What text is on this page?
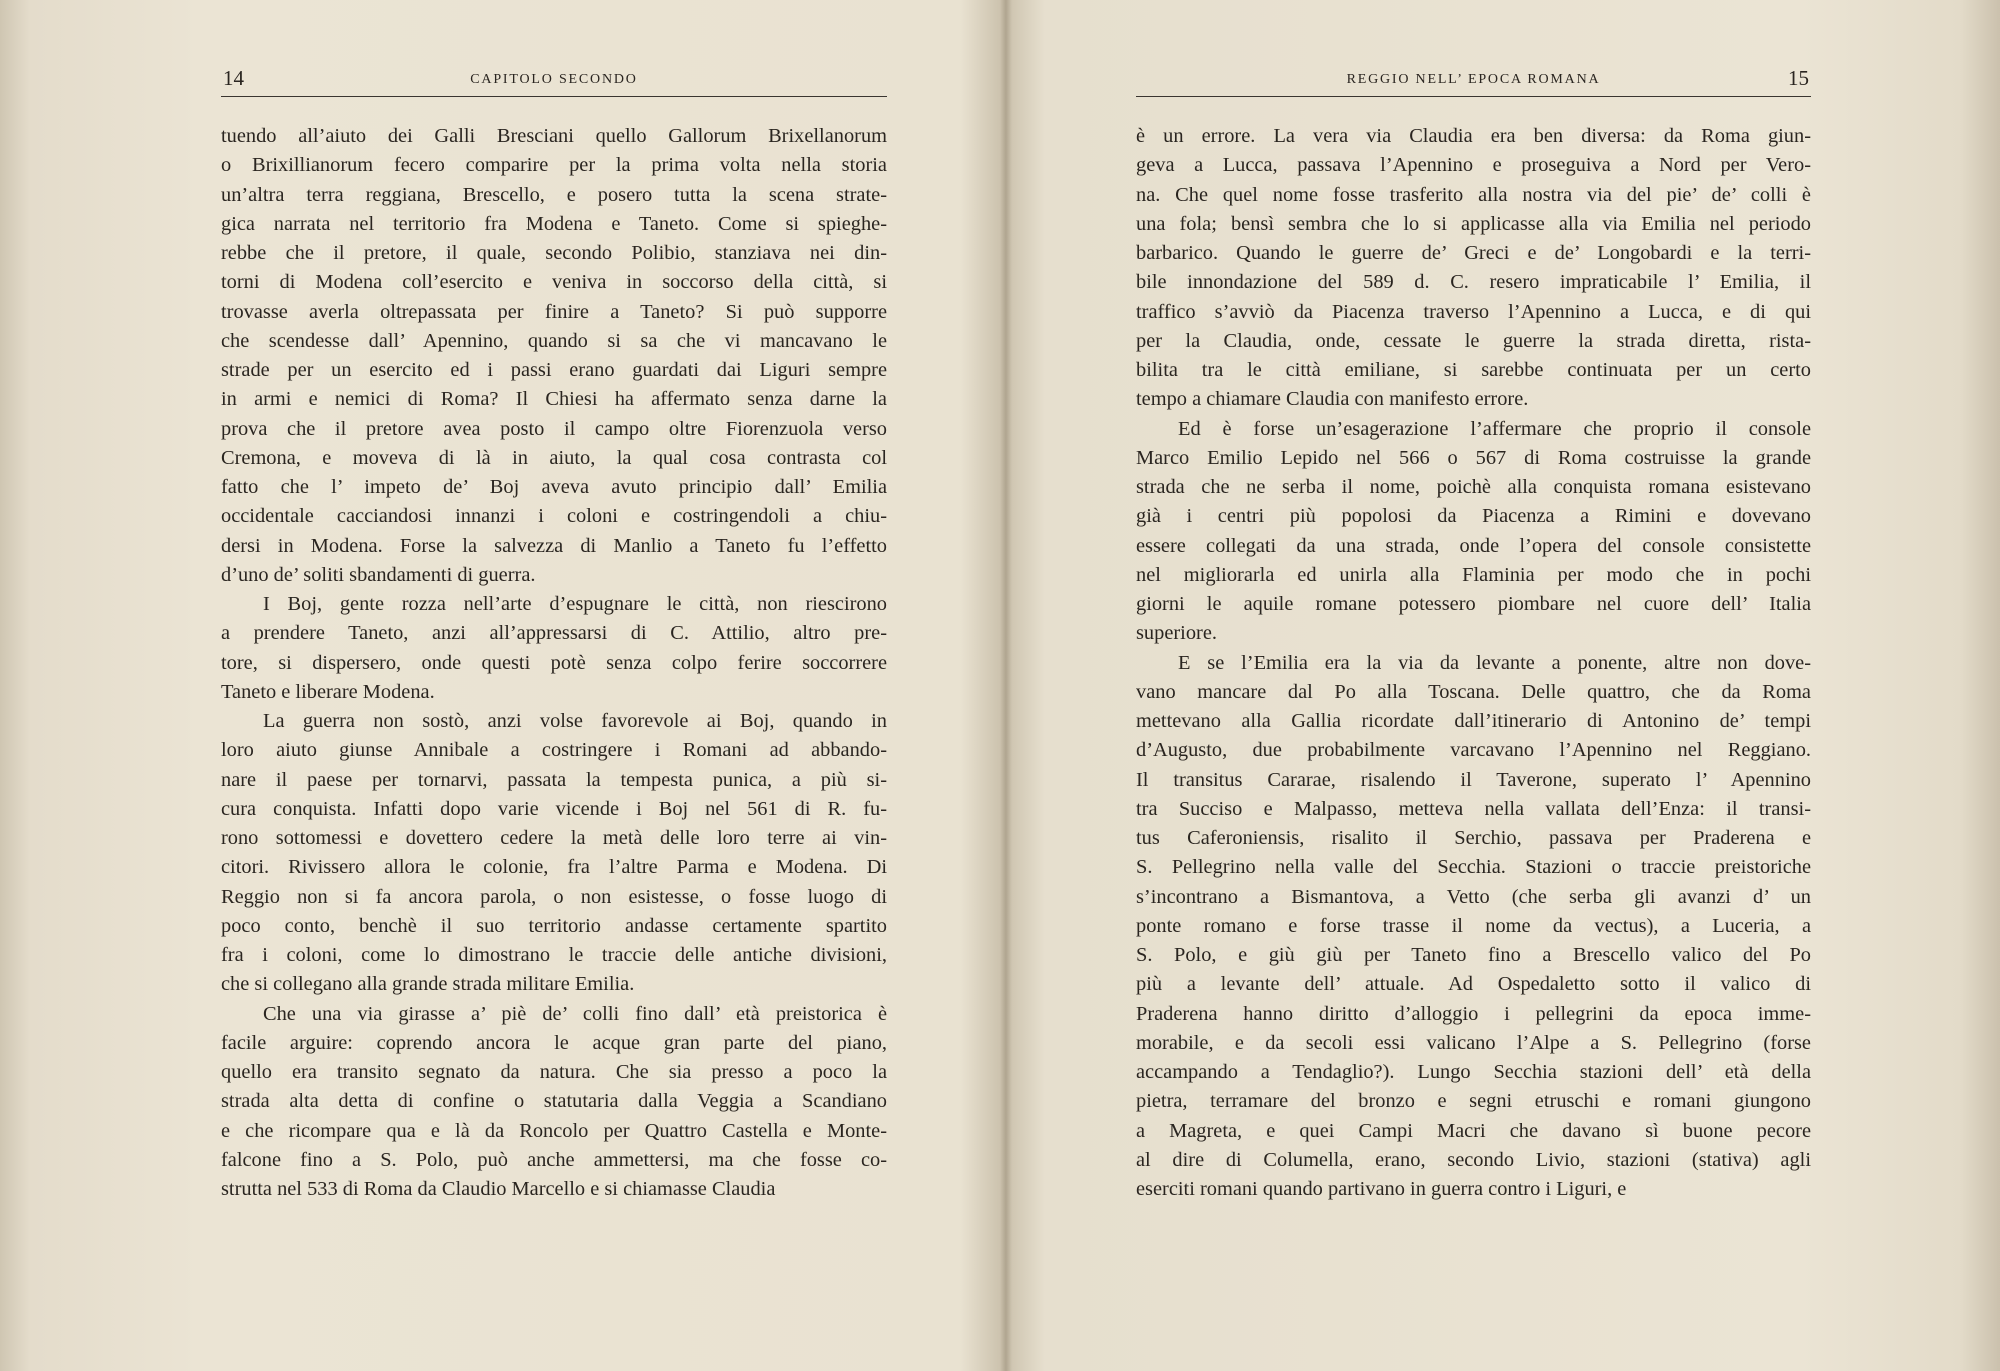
14	CAPITOLO SECONDO
tuendo all’aiuto dei Galli Bresciani quello Gallorum Brixellanorum
o Brixillianorum fecero comparire per la prima volta nella storia
un’altra terra reggiana, Brescello, e posero tutta la scena strate-
gica narrata nel territorio fra Modena e Taneto. Come si spieghe-
rebbe che il pretore, il quale, secondo Polibio, stanziava nei din-
torni di Modena coll’esercito e veniva in soccorso della città, si
trovasse averla oltrepassata per finire a Taneto? Si può supporre
che scendesse dall’ Apennino, quando si sa che vi mancavano le
strade per un esercito ed i passi erano guardati dai Liguri sempre
in armi e nemici di Roma? Il Chiesi ha affermato senza darne la
prova che il pretore avea posto il campo oltre Fiorenzuola verso
Cremona, e moveva di là in aiuto, la qual cosa contrasta col
fatto che l’ impeto de’ Boj aveva avuto principio dall’ Emilia
occidentale cacciandosi innanzi i coloni e costringendoli a chiu-
dersi in Modena. Forse la salvezza di Manlio a Taneto fu l’effetto
d’uno de’ soliti sbandamenti di guerra.
I Boj, gente rozza nell’arte d’espugnare le città, non riescirono
a prendere Taneto, anzi all’appressarsi di C. Attilio, altro pre-
tore, si dispersero, onde questi potè senza colpo ferire soccorrere
Taneto e liberare Modena.
La guerra non sostò, anzi volse favorevole ai Boj, quando in
loro aiuto giunse Annibale a costringere i Romani ad abbando-
nare il paese per tornarvi, passata la tempesta punica, a più si-
cura conquista. Infatti dopo varie vicende i Boj nel 561 di R. fu-
rono sottomessi e dovettero cedere la metà delle loro terre ai vin-
citori. Rivissero allora le colonie, fra l’altre Parma e Modena. Di
Reggio non si fa ancora parola, o non esistesse, o fosse luogo di
poco conto, benchè il suo territorio andasse certamente spartito
fra i coloni, come lo dimostrano le traccie delle antiche divisioni,
che si collegano alla grande strada militare Emilia.
Che una via girasse a’ piè de’ colli fino dall’ età preistorica è
facile arguire: coprendo ancora le acque gran parte del piano,
quello era transito segnato da natura. Che sia presso a poco la
strada alta detta di confine o statutaria dalla Veggia a Scandiano
e che ricompare qua e là da Roncolo per Quattro Castella e Monte-
falcone fino a S. Polo, può anche ammettersi, ma che fosse co-
strutta nel 533 di Roma da Claudio Marcello e si chiamasse Claudia
REGGIO NELL’ EPOCA ROMANA	15
è un errore. La vera via Claudia era ben diversa: da Roma giun-
geva a Lucca, passava l’Apennino e proseguiva a Nord per Vero-
na. Che quel nome fosse trasferito alla nostra via del pie’ de’ colli è
una fola; bensì sembra che lo si applicasse alla via Emilia nel periodo
barbarico. Quando le guerre de’ Greci e de’ Longobardi e la terri-
bile innondazione del 589 d. C. resero impraticabile l’ Emilia, il
traffico s’avviò da Piacenza traverso l’Apennino a Lucca, e di qui
per la Claudia, onde, cessate le guerre la strada diretta, rista-
bilita tra le città emiliane, si sarebbe continuata per un certo
tempo a chiamare Claudia con manifesto errore.
Ed è forse un’esagerazione l’affermare che proprio il console
Marco Emilio Lepido nel 566 o 567 di Roma costruisse la grande
strada che ne serba il nome, poichè alla conquista romana esistevano
già i centri più popolosi da Piacenza a Rimini e dovevano
essere collegati da una strada, onde l’opera del console consistette
nel migliorarla ed unirla alla Flaminia per modo che in pochi
giorni le aquile romane potessero piombare nel cuore dell’ Italia
superiore.
E se l’Emilia era la via da levante a ponente, altre non dove-
vano mancare dal Po alla Toscana. Delle quattro, che da Roma
mettevano alla Gallia ricordate dall’itinerario di Antonino de’ tempi
d’Augusto, due probabilmente varcavano l’Apennino nel Reggiano.
Il transitus Cararae, risalendo il Taverone, superato l’ Apennino
tra Succiso e Malpasso, metteva nella vallata dell’Enza: il transi-
tus Caferoniensis, risalito il Serchio, passava per Praderena e
S. Pellegrino nella valle del Secchia. Stazioni o traccie preistoriche
s’incontrano a Bismantova, a Vetto (che serba gli avanzi d’ un
ponte romano e forse trasse il nome da vectus), a Luceria, a
S. Polo, e giù giù per Taneto fino a Brescello valico del Po
più a levante dell’ attuale. Ad Ospedaletto sotto il valico di
Praderena hanno diritto d’alloggio i pellegrini da epoca imme-
morabile, e da secoli essi valicano l’Alpe a S. Pellegrino (forse
accampando a Tendaglio?). Lungo Secchia stazioni dell’ età della
pietra, terramare del bronzo e segni etruschi e romani giungono
a Magreta, e quei Campi Macri che davano sì buone pecore
al dire di Columella, erano, secondo Livio, stazioni (stativa) agli
eserciti romani quando partivano in guerra contro i Liguri, e
